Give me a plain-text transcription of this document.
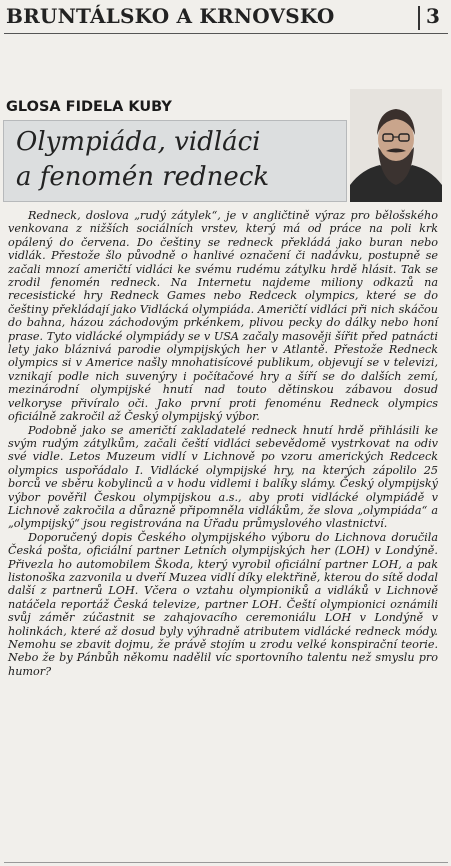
BRUNTÁLSKO A KRNOVSKO	3
GLOSA FIDELA KUBY
Olympiáda, vidláci
a fenomén redneck

Redneck, doslova „rudý zátylek“, je v angličtině výraz pro bělošského venkovana z nižších sociálních vrstev, který má od práce na poli krk opálený do červena. Do češtiny se redneck překládá jako buran nebo vidlák. Přestože šlo původně o hanlivé označení či nadávku, postupně se začali mnozí američtí vidláci ke svému rudému zátylku hrdě hlásit. Tak se zrodil fenomén redneck. Na Internetu najdeme miliony odkazů na recesistické hry Redneck Games nebo Redceck olympics, které se do češtiny překládají jako Vidlácká olympiáda. Američtí vidláci při nich skáčou do bahna, házou záchodovým prkénkem, plivou pecky do dálky nebo honí prase. Tyto vidlácké olympiády se v USA začaly masověji šířit před patnácti lety jako bláznivá parodie olympijských her v Atlantě. Přestože Redneck olympics si v Americe našly mnohatisícové publikum, objevují se v televizi, vznikají podle nich suvenýry i počítačové hry a šíří se do dalších zemí, mezinárodní olympijské hnutí nad touto dětinskou zábavou dosud velkoryse přivíralo oči. Jako první proti fenoménu Redneck olympics oficiálně zakročil až Český olympijský výbor.

Podobně jako se američtí zakladatelé redneck hnutí hrdě přihlásili ke svým rudým zátylkům, začali čeští vidláci sebevědomě vystrkovat na odiv své vidle. Letos Muzeum vidlí v Lichnově po vzoru amerických Redceck olympics uspořádalo I. Vidlácké olympijské hry, na kterých zápolilo 25 borců ve sběru kobylinců a v hodu vidlemi i balíky slámy. Český olympijský výbor pověřil Českou olympijskou a.s., aby proti vidlácké olympiádě v Lichnově zakročila a důrazně připomněla vidlákům, že slova „olympiáda“ a „olympijský“ jsou registrována na Úřadu průmyslového vlastnictví.

Doporučený dopis Českého olympijského výboru do Lichnova doručila Česká pošta, oficiální partner Letních olympijských her (LOH) v Londýně. Přivezla ho automobilem Škoda, který vyrobil oficiální partner LOH, a pak listonoška zazvonila u dveří Muzea vidlí díky elektřině, kterou do sítě dodal další z partnerů LOH. Včera o vztahu olympioniků a vidláků v Lichnově natáčela reportáž Česká televize, partner LOH. Čeští olympionici oznámili svůj záměr zúčastnit se zahajovacího ceremoniálu LOH v Londýně v holinkách, které až dosud byly výhradně atributem vidlácké redneck módy. Nemohu se zbavit dojmu, že právě stojím u zrodu velké konspirační teorie. Nebo že by Pánbůh někomu nadělil víc sportovního talentu než smyslu pro humor?
